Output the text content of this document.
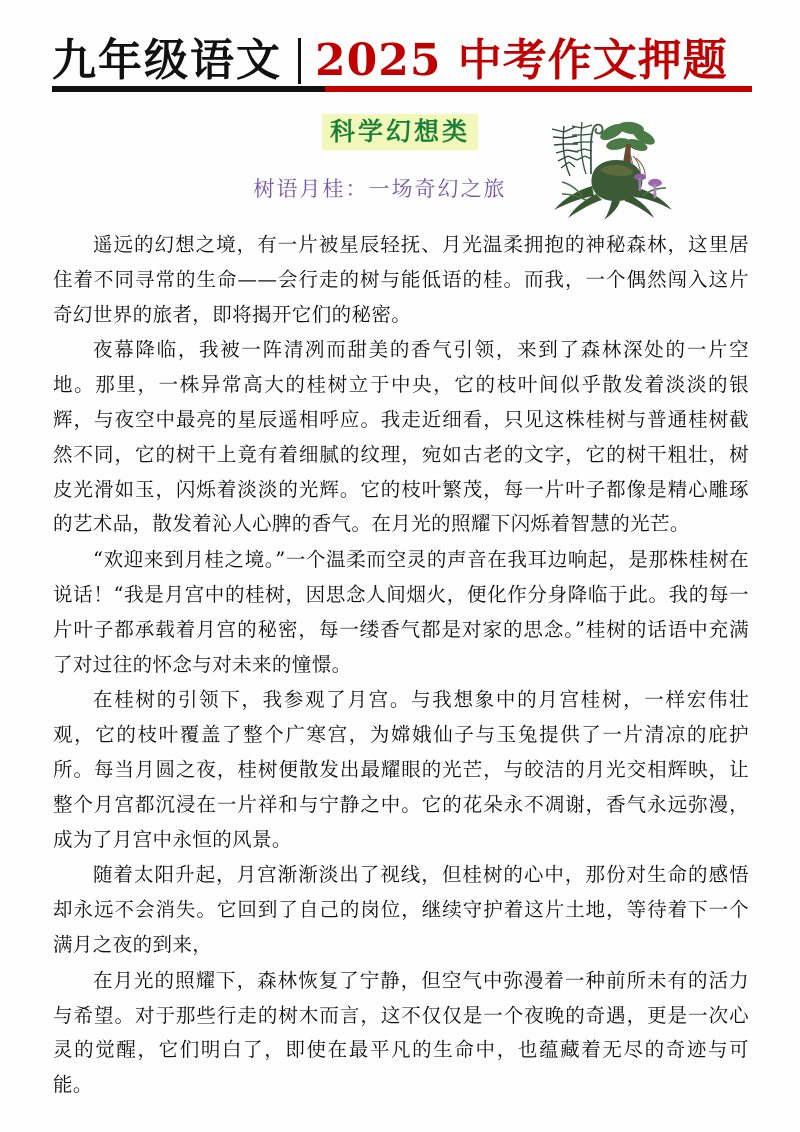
九年级语文 2025 中考作文押题
科学幻想类
树语月桂：一场奇幻之旅

遥远的幻想之境，有一片被星辰轻抚、月光温柔拥抱的神秘森林，这里居住着不同寻常的生命——会行走的树与能低语的桂。而我，一个偶然闯入这片奇幻世界的旅者，即将揭开它们的秘密。

夜幕降临，我被一阵清冽而甜美的香气引领，来到了森林深处的一片空地。那里，一株异常高大的桂树立于中央，它的枝叶间似乎散发着淡淡的银辉，与夜空中最亮的星辰遥相呼应。我走近细看，只见这株桂树与普通桂树截然不同，它的树干上竟有着细腻的纹理，宛如古老的文字，它的树干粗壮，树皮光滑如玉，闪烁着淡淡的光辉。它的枝叶繁茂，每一片叶子都像是精心雕琢的艺术品，散发着沁人心脾的香气。在月光的照耀下闪烁着智慧的光芒。

“欢迎来到月桂之境。”一个温柔而空灵的声音在我耳边响起，是那株桂树在说话！“我是月宫中的桂树，因思念人间烟火，便化作分身降临于此。我的每一片叶子都承载着月宫的秘密，每一缕香气都是对家的思念。”桂树的话语中充满了对过往的怀念与对未来的憧憬。

在桂树的引领下，我参观了月宫。与我想象中的月宫桂树，一样宏伟壮观，它的枝叶覆盖了整个广寒宫，为嫦娥仙子与玉兔提供了一片清凉的庇护所。每当月圆之夜，桂树便散发出最耀眼的光芒，与皎洁的月光交相辉映，让整个月宫都沉浸在一片祥和与宁静之中。它的花朵永不凋谢，香气永远弥漫，成为了月宫中永恒的风景。

随着太阳升起，月宫渐渐淡出了视线，但桂树的心中，那份对生命的感悟却永远不会消失。它回到了自己的岗位，继续守护着这片土地，等待着下一个满月之夜的到来，

在月光的照耀下，森林恢复了宁静，但空气中弥漫着一种前所未有的活力与希望。对于那些行走的树木而言，这不仅仅是一个夜晚的奇遇，更是一次心灵的觉醒，它们明白了，即使在最平凡的生命中，也蕴藏着无尽的奇迹与可能。
